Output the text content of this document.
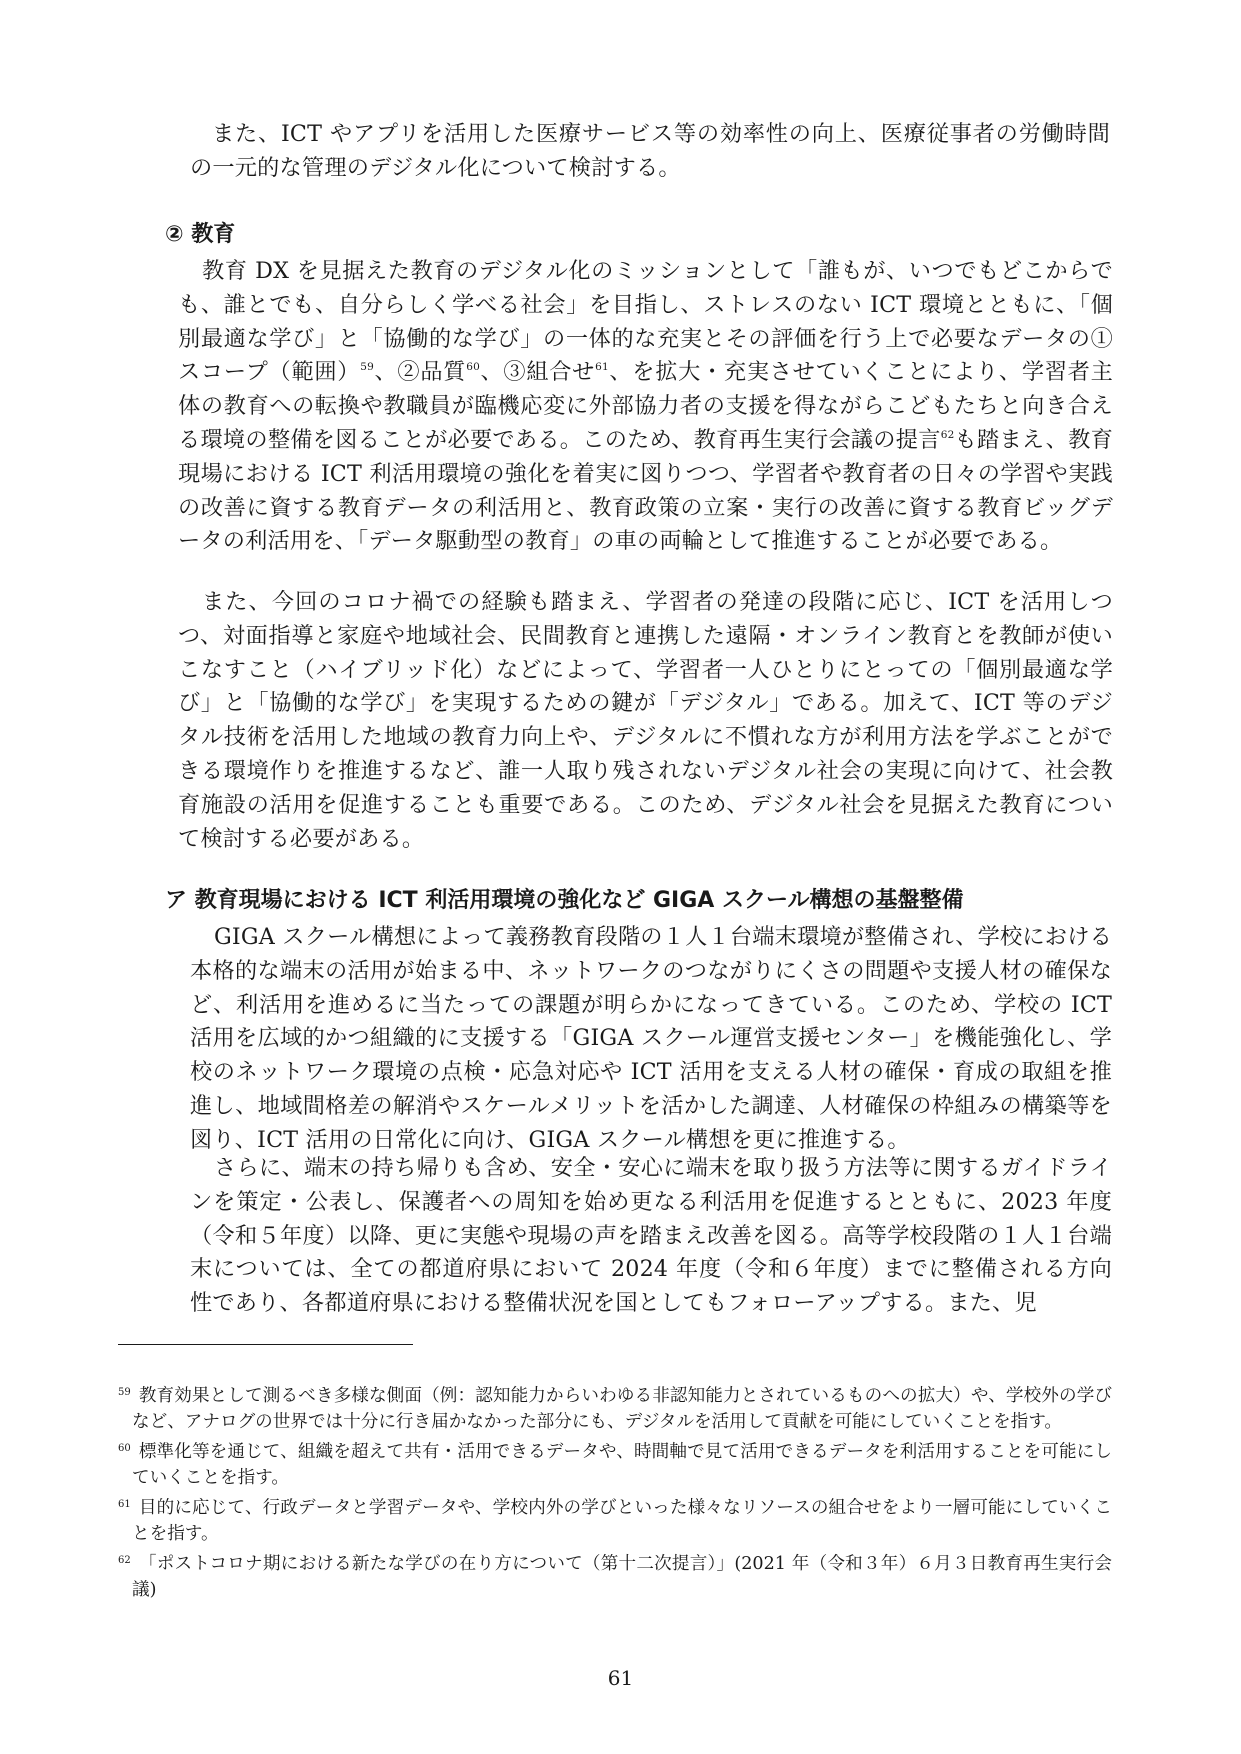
また、ICT やアプリを活用した医療サービス等の効率性の向上、医療従事者の労働時間の一元的な管理のデジタル化について検討する。

② 教育

教育 DX を見据えた教育のデジタル化のミッションとして「誰もが、いつでもどこからでも、誰とでも、自分らしく学べる社会」を目指し、ストレスのない ICT 環境とともに、「個別最適な学び」と「協働的な学び」の一体的な充実とその評価を行う上で必要なデータの①スコープ（範囲）$^{59}$、②品質$^{60}$、③組合せ$^{61}$、を拡大・充実させていくことにより、学習者主体の教育への転換や教職員が臨機応変に外部協力者の支援を得ながらこどもたちと向き合える環境の整備を図ることが必要である。このため、教育再生実行会議の提言$^{62}$も踏まえ、教育現場における ICT 利活用環境の強化を着実に図りつつ、学習者や教育者の日々の学習や実践の改善に資する教育データの利活用と、教育政策の立案・実行の改善に資する教育ビッグデータの利活用を、「データ駆動型の教育」の車の両輪として推進することが必要である。

また、今回のコロナ禍での経験も踏まえ、学習者の発達の段階に応じ、ICT を活用しつつ、対面指導と家庭や地域社会、民間教育と連携した遠隔・オンライン教育とを教師が使いこなすこと（ハイブリッド化）などによって、学習者一人ひとりにとっての「個別最適な学び」と「協働的な学び」を実現するための鍵が「デジタル」である。加えて、ICT 等のデジタル技術を活用した地域の教育力向上や、デジタルに不慣れな方が利用方法を学ぶことができる環境作りを推進するなど、誰一人取り残されないデジタル社会の実現に向けて、社会教育施設の活用を促進することも重要である。このため、デジタル社会を見据えた教育について検討する必要がある。

ア 教育現場における ICT 利活用環境の強化など GIGA スクール構想の基盤整備

GIGA スクール構想によって義務教育段階の１人１台端末環境が整備され、学校における本格的な端末の活用が始まる中、ネットワークのつながりにくさの問題や支援人材の確保など、利活用を進めるに当たっての課題が明らかになってきている。このため、学校の ICT 活用を広域的かつ組織的に支援する「GIGA スクール運営支援センター」を機能強化し、学校のネットワーク環境の点検・応急対応や ICT 活用を支える人材の確保・育成の取組を推進し、地域間格差の解消やスケールメリットを活かした調達、人材確保の枠組みの構築等を図り、ICT 活用の日常化に向け、GIGA スクール構想を更に推進する。

さらに、端末の持ち帰りも含め、安全・安心に端末を取り扱う方法等に関するガイドラインを策定・公表し、保護者への周知を始め更なる利活用を促進するとともに、2023 年度（令和５年度）以降、更に実態や現場の声を踏まえ改善を図る。高等学校段階の１人１台端末については、全ての都道府県において 2024 年度（令和６年度）までに整備される方向性であり、各都道府県における整備状況を国としてもフォローアップする。また、児

$^{59}$ 教育効果として測るべき多様な側面（例：認知能力からいわゆる非認知能力とされているものへの拡大）や、学校外の学びなど、アナログの世界では十分に行き届かなかった部分にも、デジタルを活用して貢献を可能にしていくことを指す。
$^{60}$ 標準化等を通じて、組織を超えて共有・活用できるデータや、時間軸で見て活用できるデータを利活用することを可能にしていくことを指す。
$^{61}$ 目的に応じて、行政データと学習データや、学校内外の学びといった様々なリソースの組合せをより一層可能にしていくことを指す。
$^{62}$ 「ポストコロナ期における新たな学びの在り方について（第十二次提言）」(2021 年（令和３年）６月３日教育再生実行会議)
61
